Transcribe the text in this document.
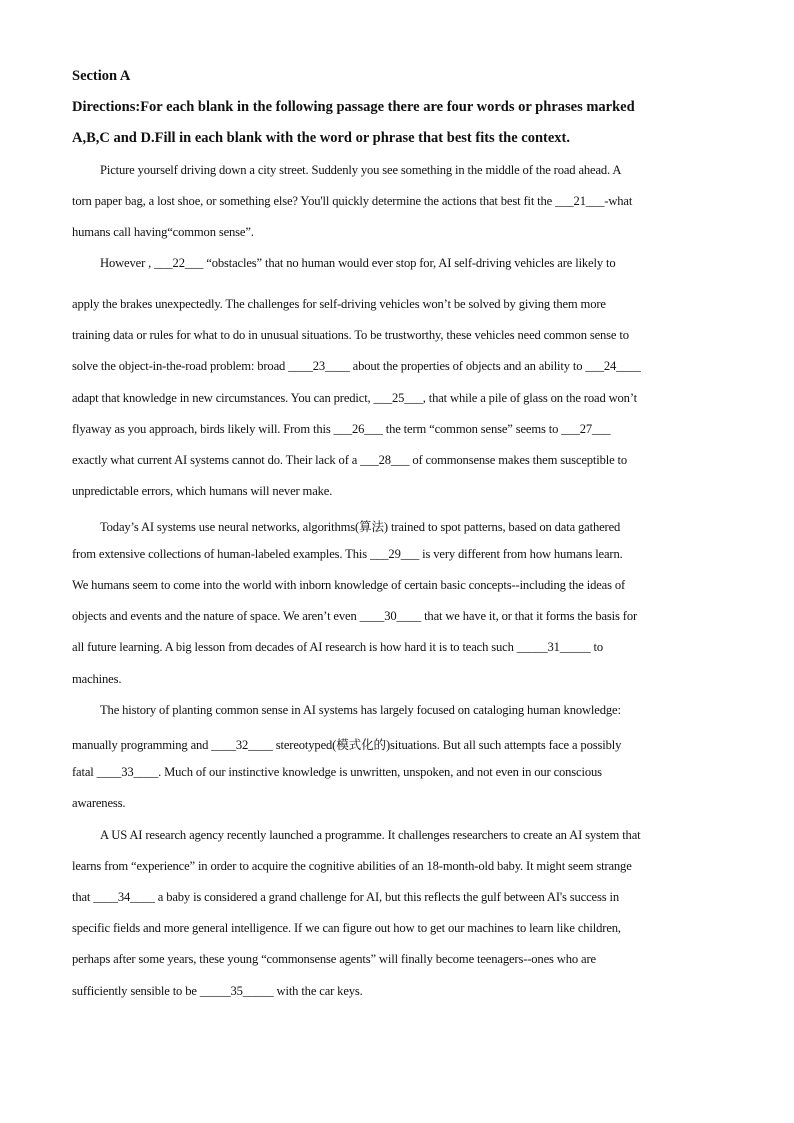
Section A
Directions:For each blank in the following passage there are four words or phrases marked
A,B,C and D.Fill in each blank with the word or phrase that best fits the context.
Picture yourself driving down a city street. Suddenly you see something in the middle of the road ahead. A
torn paper bag, a lost shoe, or something else? You'll quickly determine the actions that best fit the ___21___-what
humans call having“common sense”.
However , ___22___ “obstacles” that no human would ever stop for, AI self-driving vehicles are likely to
apply the brakes unexpectedly. The challenges for self-driving vehicles won’t be solved by giving them more
training data or rules for what to do in unusual situations. To be trustworthy, these vehicles need common sense to
solve the object-in-the-road problem: broad ____23____ about the properties of objects and an ability to ___24____
adapt that knowledge in new circumstances. You can predict, ___25___, that while a pile of glass on the road won’t
flyaway as you approach, birds likely will. From this ___26___ the term “common sense” seems to ___27___
exactly what current AI systems cannot do. Their lack of a ___28___ of commonsense makes them susceptible to
unpredictable errors, which humans will never make.
Today’s AI systems use neural networks, algorithms(算法) trained to spot patterns, based on data gathered
from extensive collections of human-labeled examples. This ___29___ is very different from how humans learn.
We humans seem to come into the world with inborn knowledge of certain basic concepts--including the ideas of
objects and events and the nature of space. We aren’t even ____30____ that we have it, or that it forms the basis for
all future learning. A big lesson from decades of AI research is how hard it is to teach such _____31_____ to
machines.
The history of planting common sense in AI systems has largely focused on cataloging human knowledge:
manually programming and ____32____ stereotyped(模式化的)situations. But all such attempts face a possibly
fatal ____33____. Much of our instinctive knowledge is unwritten, unspoken, and not even in our conscious
awareness.
A US AI research agency recently launched a programme. It challenges researchers to create an AI system that
learns from “experience” in order to acquire the cognitive abilities of an 18-month-old baby. It might seem strange
that ____34____ a baby is considered a grand challenge for AI, but this reflects the gulf between AI's success in
specific fields and more general intelligence. If we can figure out how to get our machines to learn like children,
perhaps after some years, these young “commonsense agents” will finally become teenagers--ones who are
sufficiently sensible to be _____35_____ with the car keys.
